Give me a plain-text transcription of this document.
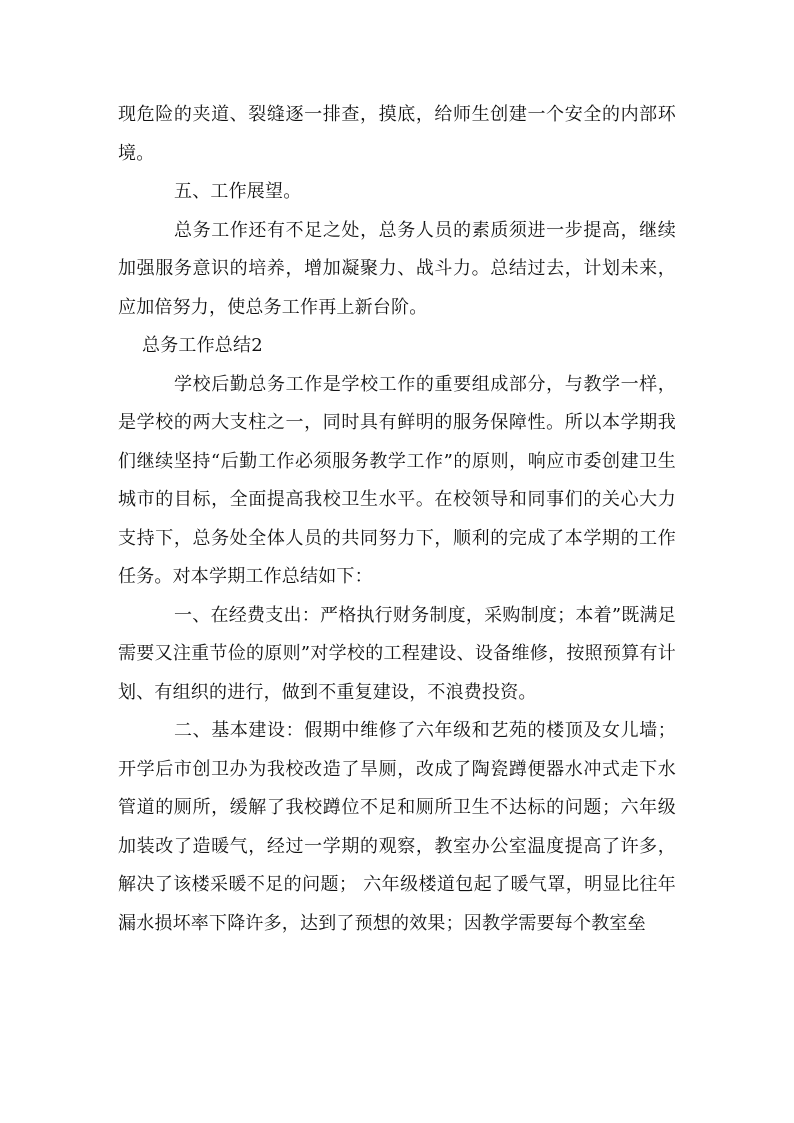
现危险的夹道、裂缝逐一排查，摸底，给师生创建一个安全的内部环境。

五、工作展望。

总务工作还有不足之处，总务人员的素质须进一步提高，继续加强服务意识的培养，增加凝聚力、战斗力。总结过去，计划未来，应加倍努力，使总务工作再上新台阶。

总务工作总结2

学校后勤总务工作是学校工作的重要组成部分，与教学一样，是学校的两大支柱之一，同时具有鲜明的服务保障性。所以本学期我们继续坚持“后勤工作必须服务教学工作”的原则，响应市委创建卫生城市的目标，全面提高我校卫生水平。在校领导和同事们的关心大力支持下，总务处全体人员的共同努力下，顺利的完成了本学期的工作任务。对本学期工作总结如下：

一、在经费支出：严格执行财务制度，采购制度；本着”既满足需要又注重节俭的原则”对学校的工程建设、设备维修，按照预算有计划、有组织的进行，做到不重复建设，不浪费投资。

二、基本建设：假期中维修了六年级和艺苑的楼顶及女儿墙；开学后市创卫办为我校改造了旱厕，改成了陶瓷蹲便器水冲式走下水管道的厕所，缓解了我校蹲位不足和厕所卫生不达标的问题；六年级加装改了造暖气，经过一学期的观察，教室办公室温度提高了许多，解决了该楼采暖不足的问题； 六年级楼道包起了暖气罩，明显比往年漏水损坏率下降许多，达到了预想的效果；因教学需要每个教室垒
